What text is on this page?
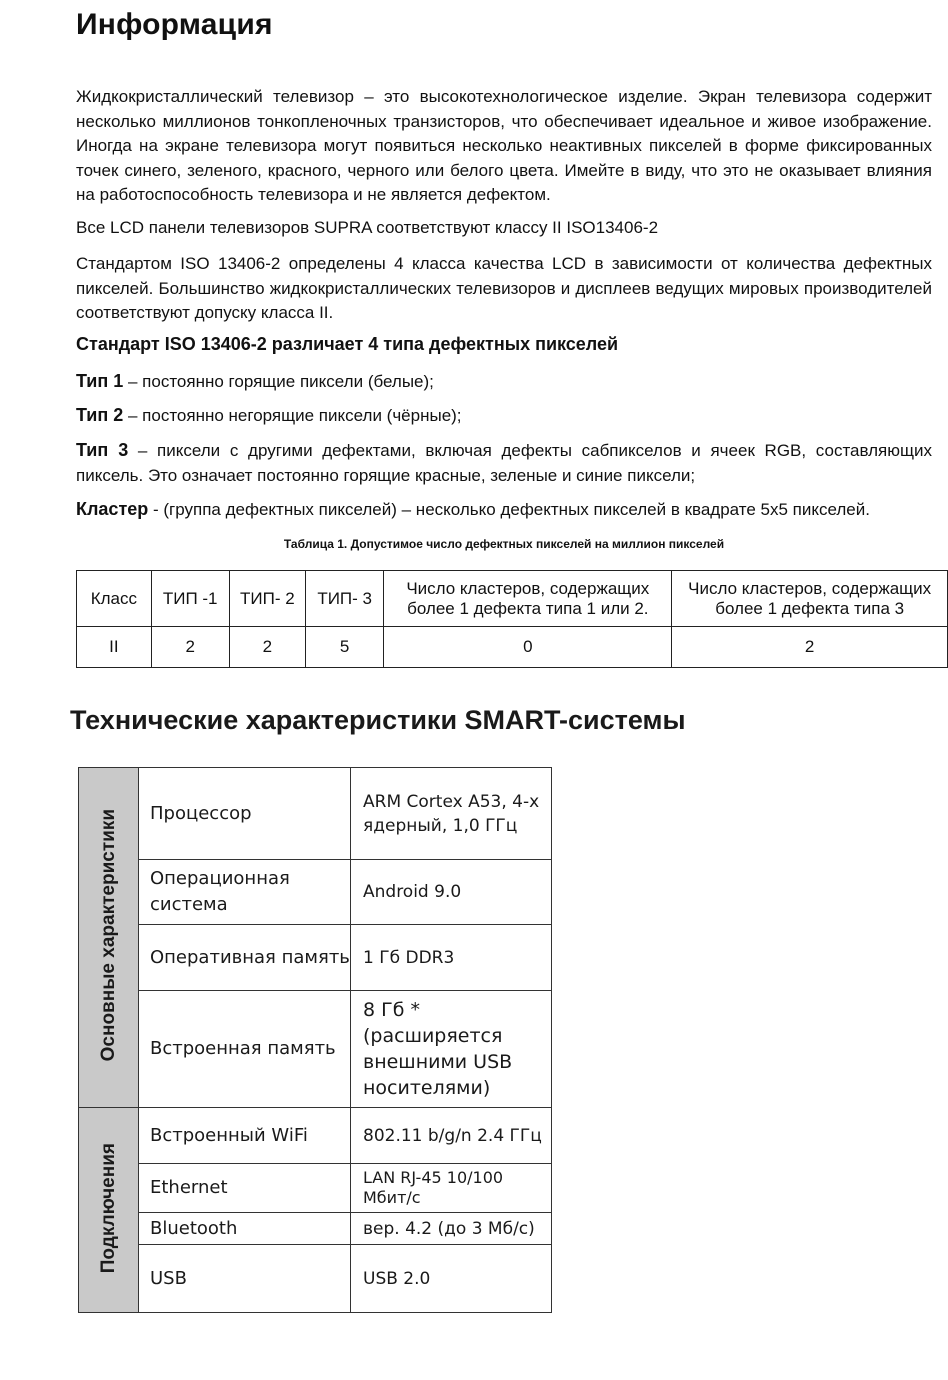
Информация
Жидкокристаллический телевизор – это высокотехнологическое изделие. Экран телевизора содержит несколько миллионов тонкопленочных транзисторов, что обеспечивает идеальное и живое изображение. Иногда на экране телевизора могут появиться несколько неактивных пикселей в форме фиксированных точек синего, зеленого, красного, черного или белого цвета. Имейте в виду, что это не оказывает влияния на работоспособность телевизора и не является дефектом.
Все LCD панели телевизоров SUPRA соответствуют классу II ISO13406-2
Стандартом ISO 13406-2 определены 4 класса качества LCD в зависимости от количества дефектных пикселей. Большинство жидкокристаллических телевизоров и дисплеев ведущих мировых производителей соответствуют допуску класса II.
Стандарт ISO 13406-2 различает 4 типа дефектных пикселей
Тип 1 – постоянно горящие пиксели (белые);
Тип 2 – постоянно негорящие пиксели (чёрные);
Тип 3 – пиксели с другими дефектами, включая дефекты сабпикселов и ячеек RGB, составляющих пиксель. Это означает постоянно горящие красные, зеленые и синие пиксели;
Кластер - (группа дефектных пикселей) – несколько дефектных пикселей в квадрате 5х5 пикселей.
Таблица 1. Допустимое число дефектных пикселей на миллион пикселей
Класс	ТИП -1	ТИП- 2	ТИП- 3	Число кластеров, содержащих более 1 дефекта типа 1 или 2.	Число кластеров, содержащих более 1 дефекта типа 3
II	2	2	5	0	2
Технические характеристики SMART-системы
Основные характеристики	Процессор	ARM Cortex A53, 4-х ядерный, 1,0 ГГц
	Операционная система	Android 9.0
	Оперативная память	1 Гб DDR3
	Встроенная память	8 Гб * (расширяется внешними USB носителями)
Подключения	Встроенный WiFi	802.11 b/g/n 2.4 ГГц
	Ethernet	LAN RJ-45 10/100 Мбит/с
	Bluetooth	вер. 4.2 (до 3 Мб/с)
	USB	USB 2.0
